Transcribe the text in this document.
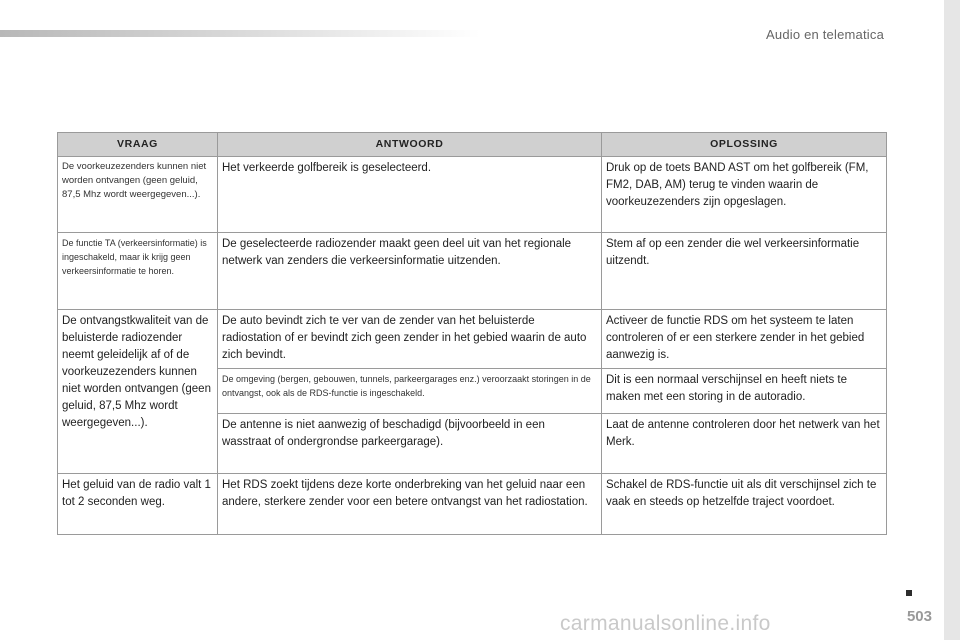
Audio en telematica
VRAAG	ANTWOORD	OPLOSSING
De voorkeuzezenders kunnen niet worden ontvangen (geen geluid, 87,5 Mhz wordt weergegeven...).	Het verkeerde golfbereik is geselecteerd.	Druk op de toets BAND AST om het golfbereik (FM, FM2, DAB, AM) terug te vinden waarin de voorkeuzezenders zijn opgeslagen.
De functie TA (verkeersinformatie) is ingeschakeld, maar ik krijg geen verkeersinformatie te horen.	De geselecteerde radiozender maakt geen deel uit van het regionale netwerk van zenders die verkeersinformatie uitzenden.	Stem af op een zender die wel verkeersinformatie uitzendt.
De ontvangstkwaliteit van de beluisterde radiozender neemt geleidelijk af of de voorkeuzezenders kunnen niet worden ontvangen (geen geluid, 87,5 Mhz wordt weergegeven...).	De auto bevindt zich te ver van de zender van het beluisterde radiostation of er bevindt zich geen zender in het gebied waarin de auto zich bevindt.	Activeer de functie RDS om het systeem te laten controleren of er een sterkere zender in het gebied aanwezig is.
	De omgeving (bergen, gebouwen, tunnels, parkeergarages enz.) veroorzaakt storingen in de ontvangst, ook als de RDS-functie is ingeschakeld.	Dit is een normaal verschijnsel en heeft niets te maken met een storing in de autoradio.
	De antenne is niet aanwezig of beschadigd (bijvoorbeeld in een wasstraat of ondergrondse parkeergarage).	Laat de antenne controleren door het netwerk van het Merk.
Het geluid van de radio valt 1 tot 2 seconden weg.	Het RDS zoekt tijdens deze korte onderbreking van het geluid naar een andere, sterkere zender voor een betere ontvangst van het radiostation.	Schakel de RDS-functie uit als dit verschijnsel zich te vaak en steeds op hetzelfde traject voordoet.
carmanualsonline.info	503
